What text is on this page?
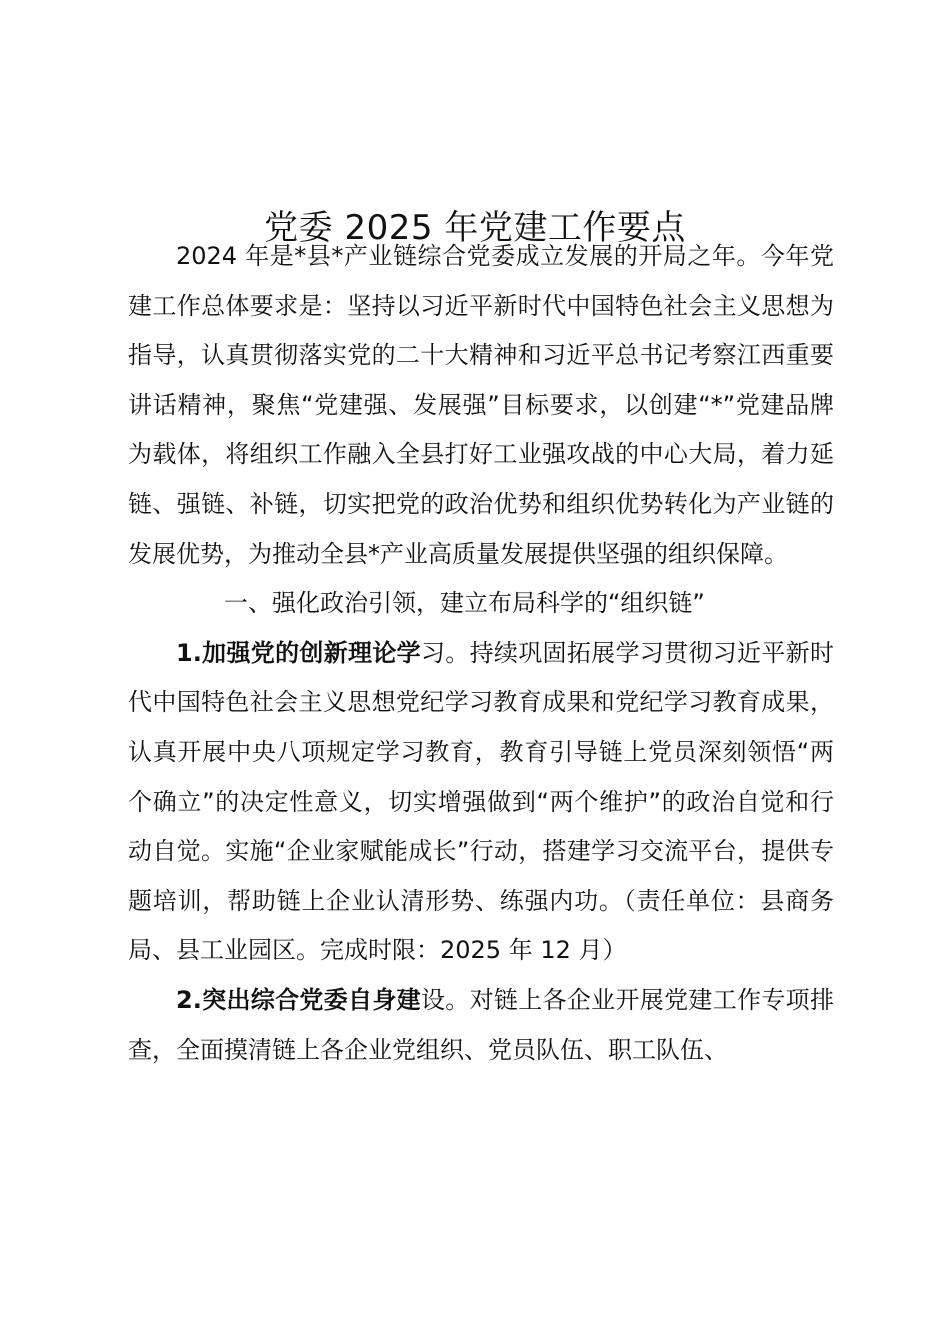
党委 2025 年党建工作要点

2024 年是*县*产业链综合党委成立发展的开局之年。今年党建工作总体要求是：坚持以习近平新时代中国特色社会主义思想为指导，认真贯彻落实党的二十大精神和习近平总书记考察江西重要讲话精神，聚焦“党建强、发展强”目标要求，以创建“*”党建品牌为载体，将组织工作融入全县打好工业强攻战的中心大局，着力延链、强链、补链，切实把党的政治优势和组织优势转化为产业链的发展优势，为推动全县*产业高质量发展提供坚强的组织保障。

一、强化政治引领，建立布局科学的“组织链”

1.加强党的创新理论学习。持续巩固拓展学习贯彻习近平新时代中国特色社会主义思想党纪学习教育成果和党纪学习教育成果，认真开展中央八项规定学习教育，教育引导链上党员深刻领悟“两个确立”的决定性意义，切实增强做到“两个维护”的政治自觉和行动自觉。实施“企业家赋能成长”行动，搭建学习交流平台，提供专题培训，帮助链上企业认清形势、练强内功。（责任单位：县商务局、县工业园区。完成时限：2025 年 12 月）

2.突出综合党委自身建设。对链上各企业开展党建工作专项排查，全面摸清链上各企业党组织、党员队伍、职工队伍、
